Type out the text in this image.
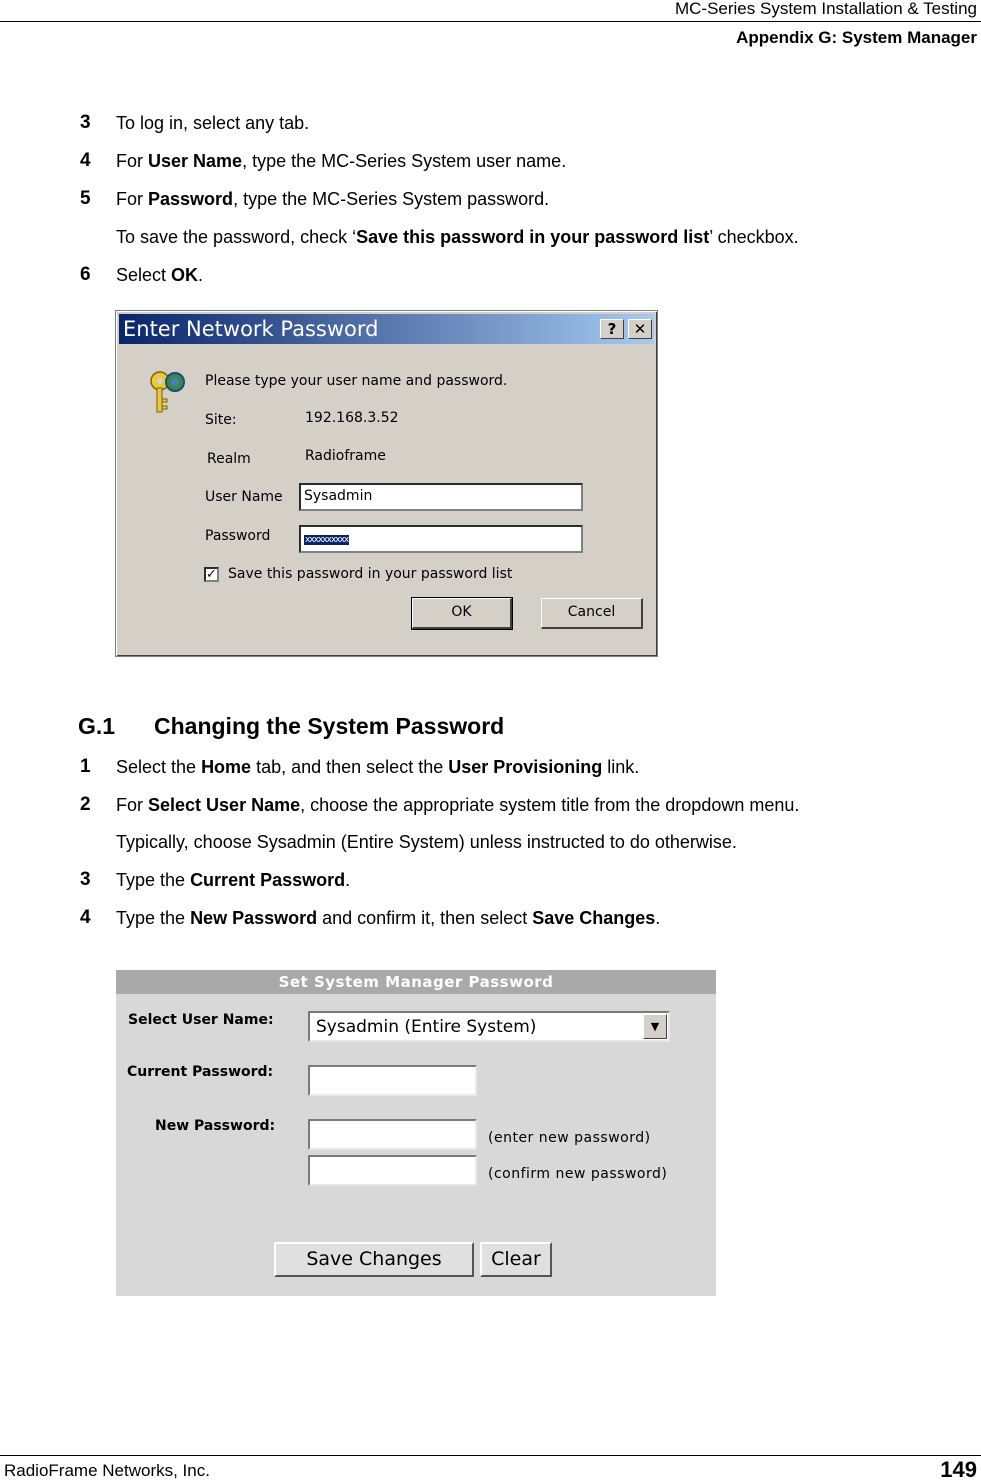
MC-Series System Installation & Testing
Appendix G: System Manager
3 To log in, select any tab.
4 For User Name, type the MC-Series System user name.
5 For Password, type the MC-Series System password.
To save the password, check ‘Save this password in your password list’ checkbox.
6 Select OK.
Enter Network Password	?	✕
Please type your user name and password.
Site:	192.168.3.52
Realm	Radioframe
User Name	Sysadmin
Password	xxxxxxxxxx
✓ Save this password in your password list
OK	Cancel
G.1 Changing the System Password
1 Select the Home tab, and then select the User Provisioning link.
2 For Select User Name, choose the appropriate system title from the dropdown menu.
Typically, choose Sysadmin (Entire System) unless instructed to do otherwise.
3 Type the Current Password.
4 Type the New Password and confirm it, then select Save Changes.
Set System Manager Password
Select User Name: Sysadmin (Entire System)	▼
Current Password:
New Password:
(enter new password)
(confirm new password)
Save Changes	Clear
RadioFrame Networks, Inc.	149
